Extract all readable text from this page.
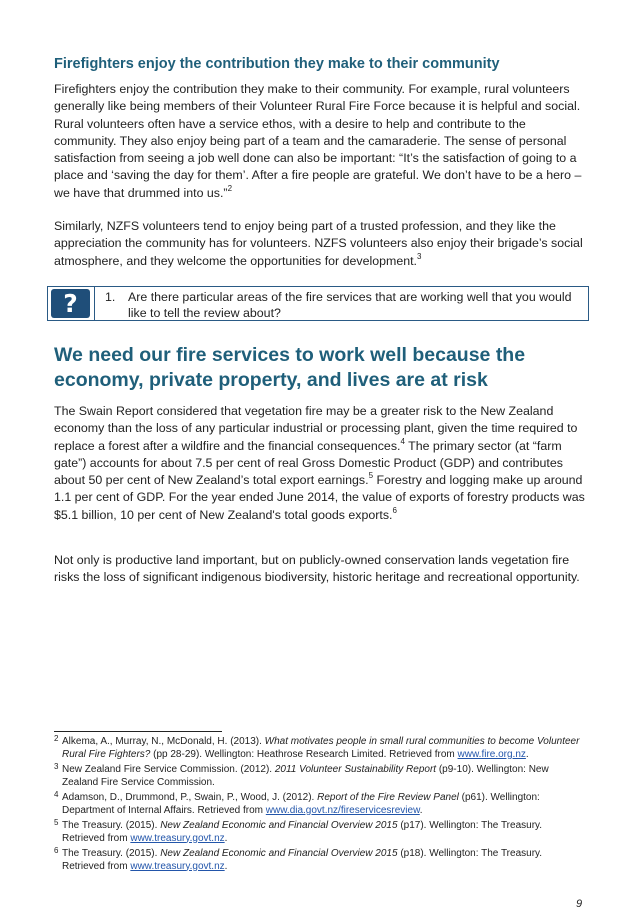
Firefighters enjoy the contribution they make to their community

Firefighters enjoy the contribution they make to their community. For example, rural volunteers generally like being members of their Volunteer Rural Fire Force because it is helpful and social. Rural volunteers often have a service ethos, with a desire to help and contribute to the community. They also enjoy being part of a team and the camaraderie. The sense of personal satisfaction from seeing a job well done can also be important: “It’s the satisfaction of going to a place and ‘saving the day for them’. After a fire people are grateful. We don’t have to be a hero – we have that drummed into us.”$^2$

Similarly, NZFS volunteers tend to enjoy being part of a trusted profession, and they like the appreciation the community has for volunteers. NZFS volunteers also enjoy their brigade’s social atmosphere, and they welcome the opportunities for development.$^3$

?	1. Are there particular areas of the fire services that are working well that you would like to tell the review about?
We need our fire services to work well because the economy, private property, and lives are at risk

The Swain Report considered that vegetation fire may be a greater risk to the New Zealand economy than the loss of any particular industrial or processing plant, given the time required to replace a forest after a wildfire and the financial consequences.$^4$ The primary sector (at “farm gate”) accounts for about 7.5 per cent of real Gross Domestic Product (GDP) and contributes about 50 per cent of New Zealand’s total export earnings.$^5$ Forestry and logging make up around 1.1 per cent of GDP. For the year ended June 2014, the value of exports of forestry products was $5.1 billion, 10 per cent of New Zealand's total goods exports.$^6$

Not only is productive land important, but on publicly-owned conservation lands vegetation fire risks the loss of significant indigenous biodiversity, historic heritage and recreational opportunity.

2 Alkema, A., Murray, N., McDonald, H. (2013). What motivates people in small rural communities to become Volunteer Rural Fire Fighters? (pp 28-29). Wellington: Heathrose Research Limited. Retrieved from www.fire.org.nz.

3 New Zealand Fire Service Commission. (2012). 2011 Volunteer Sustainability Report (p9-10). Wellington: New Zealand Fire Service Commission.

4 Adamson, D., Drummond, P., Swain, P., Wood, J. (2012). Report of the Fire Review Panel (p61). Wellington: Department of Internal Affairs. Retrieved from www.dia.govt.nz/fireservicesreview.

5 The Treasury. (2015). New Zealand Economic and Financial Overview 2015 (p17). Wellington: The Treasury. Retrieved from www.treasury.govt.nz.

6 The Treasury. (2015). New Zealand Economic and Financial Overview 2015 (p18). Wellington: The Treasury. Retrieved from www.treasury.govt.nz.

9
